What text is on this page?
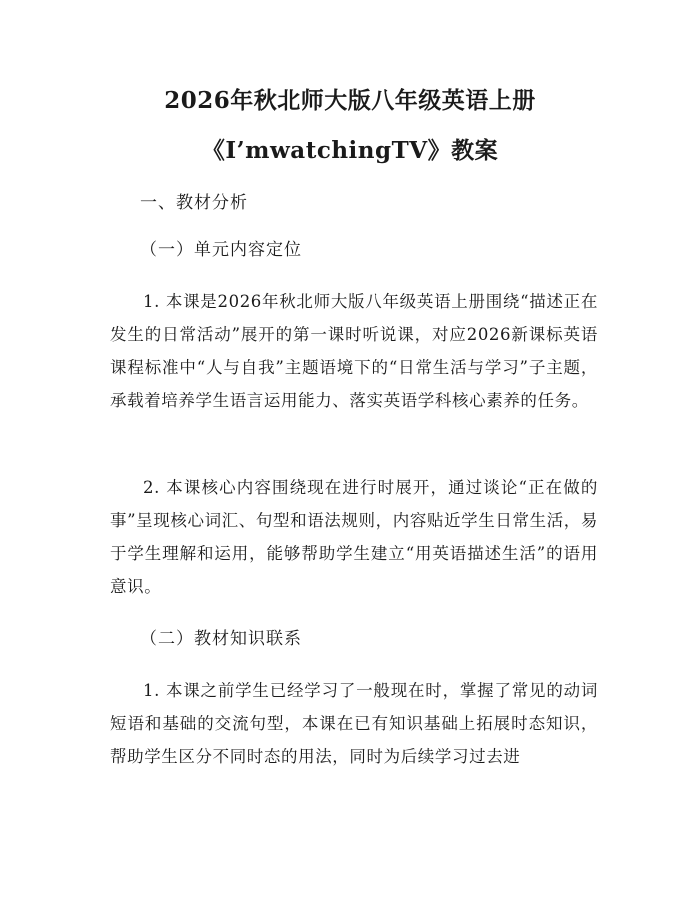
2026年秋北师大版八年级英语上册
《I’mwatchingTV》教案
一、教材分析
（一）单元内容定位

1. 本课是2026年秋北师大版八年级英语上册围绕“描述正在发生的日常活动”展开的第一课时听说课，对应2026新课标英语课程标准中“人与自我”主题语境下的“日常生活与学习”子主题，承载着培养学生语言运用能力、落实英语学科核心素养的任务。

2. 本课核心内容围绕现在进行时展开，通过谈论“正在做的事”呈现核心词汇、句型和语法规则，内容贴近学生日常生活，易于学生理解和运用，能够帮助学生建立“用英语描述生活”的语用意识。

（二）教材知识联系

1. 本课之前学生已经学习了一般现在时，掌握了常见的动词短语和基础的交流句型，本课在已有知识基础上拓展时态知识，帮助学生区分不同时态的用法，同时为后续学习过去进
